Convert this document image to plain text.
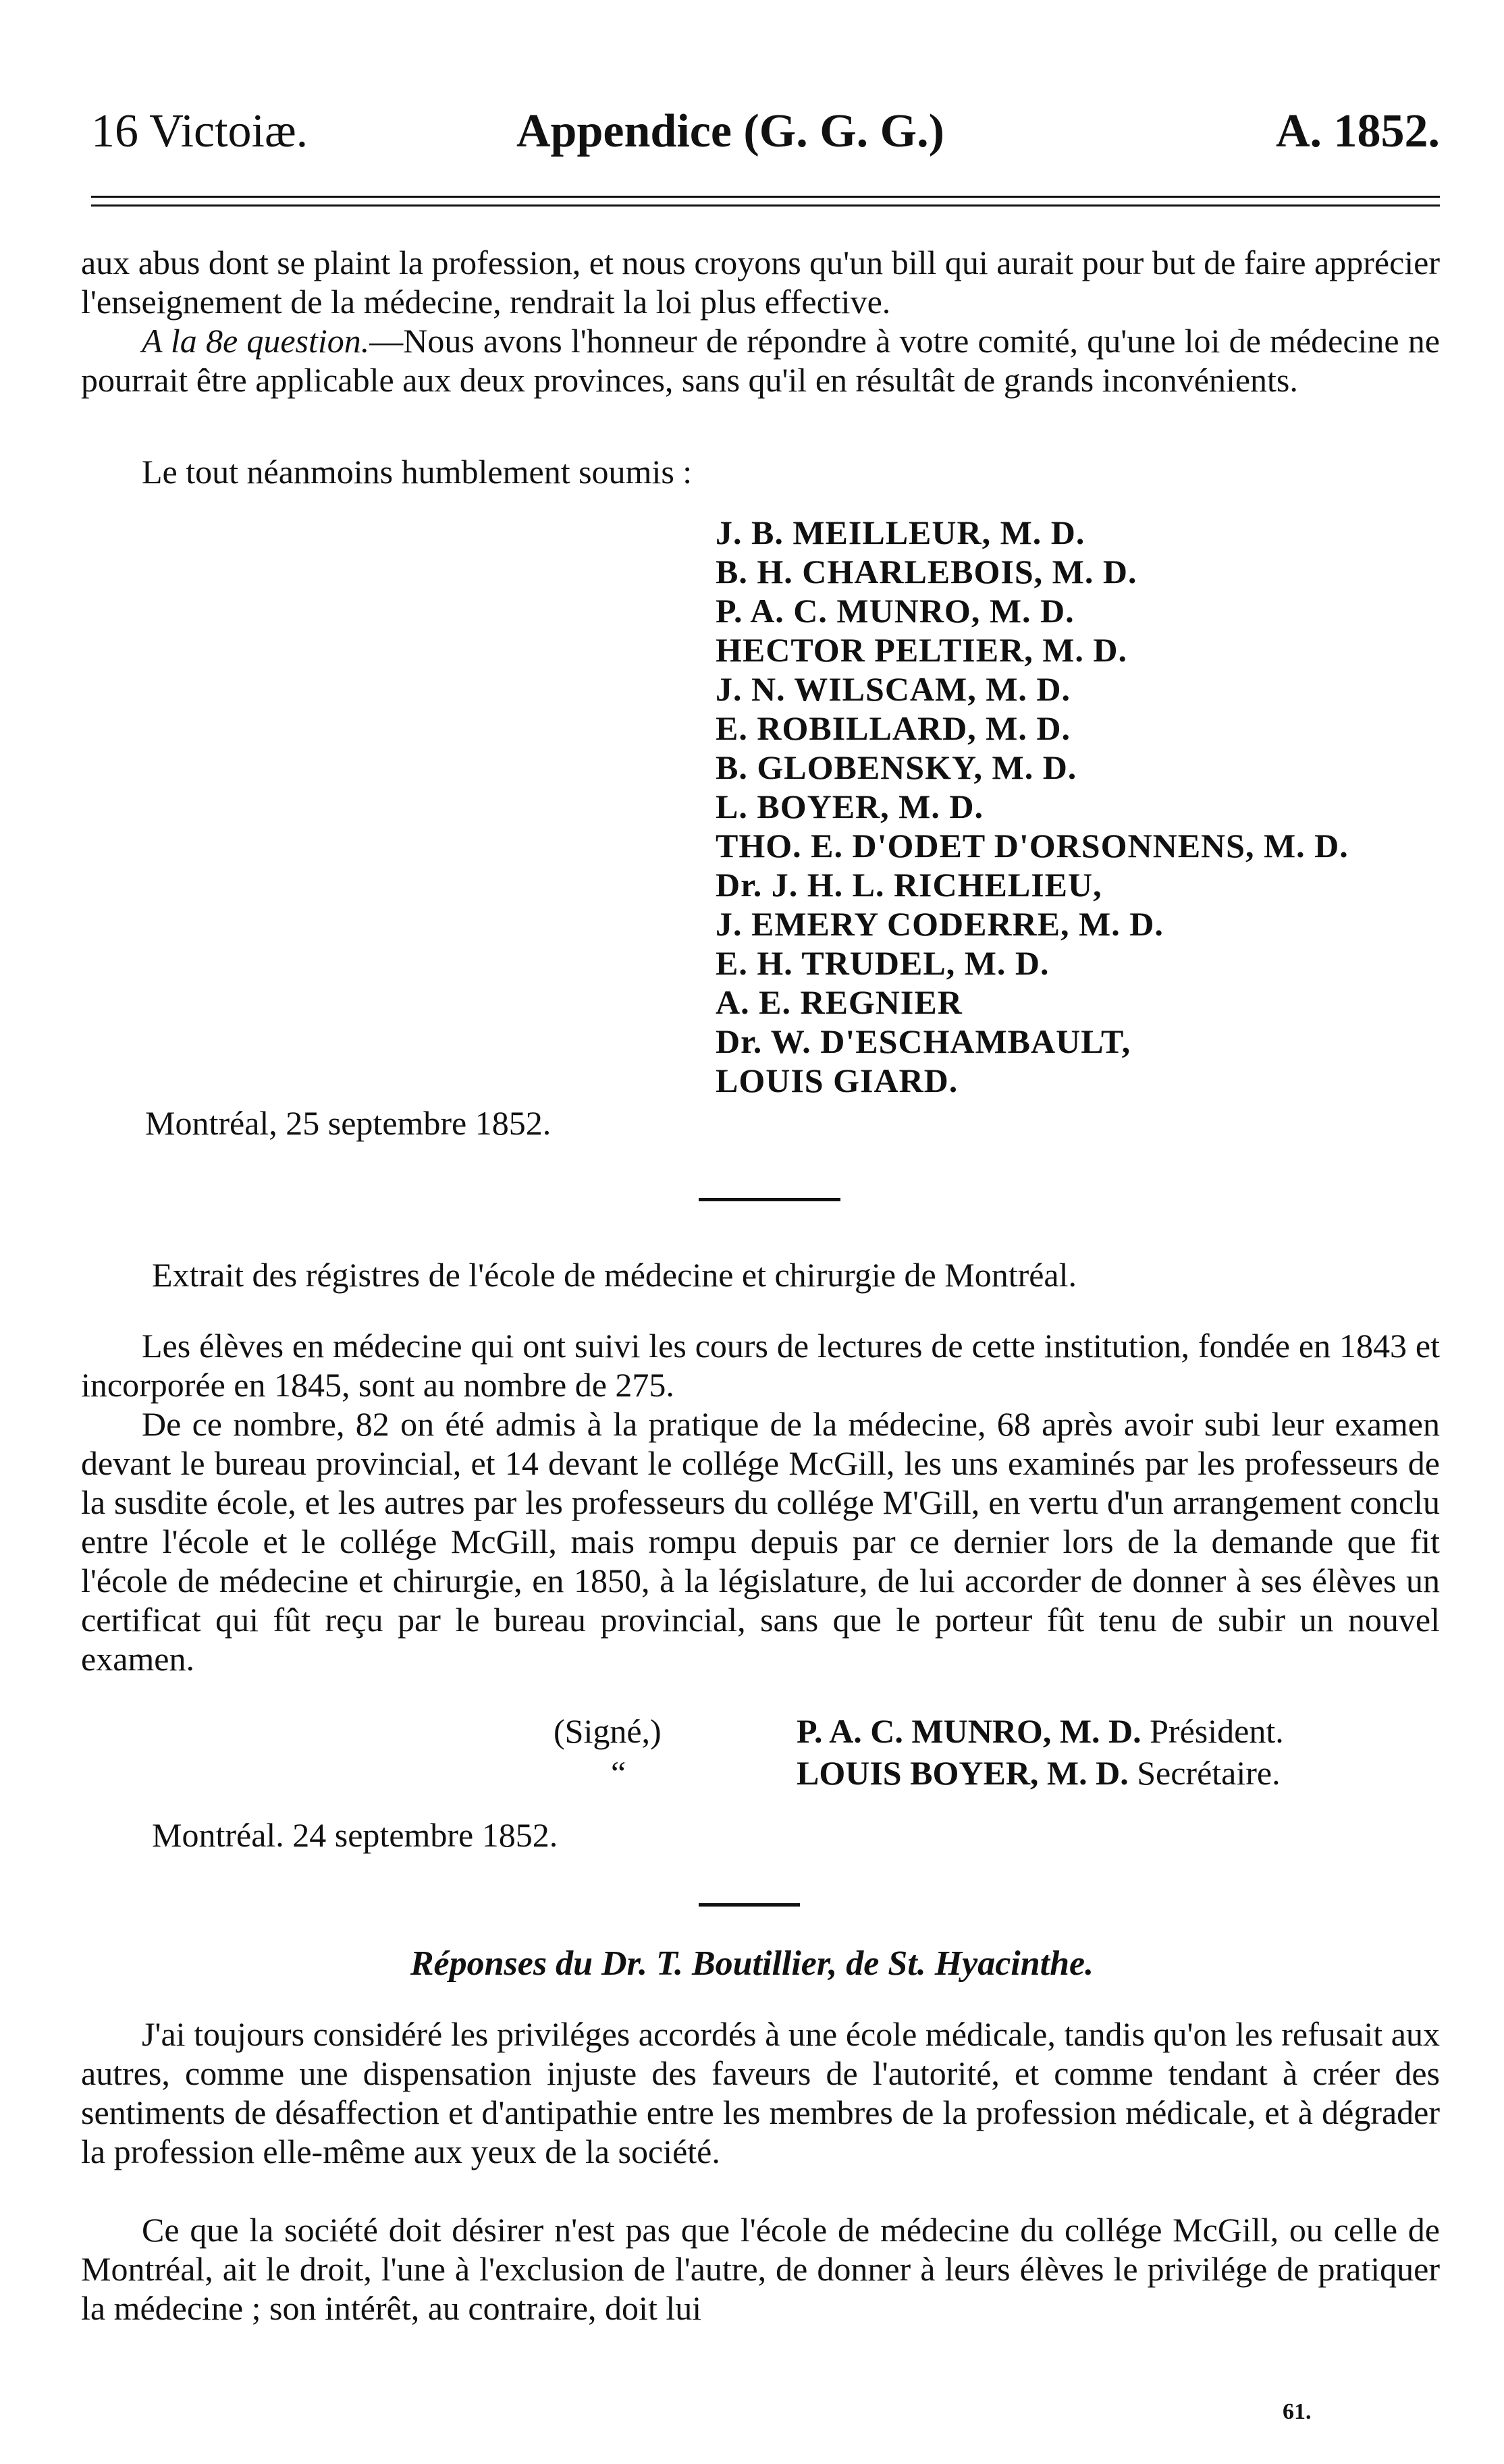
16 Victoiæ.	Appendice (G. G. G.)	A. 1852.

aux abus dont se plaint la profession, et nous croyons qu'un bill qui aurait pour but de faire apprécier l'enseignement de la médecine, rendrait la loi plus effective.

A la 8e question.—Nous avons l'honneur de répondre à votre comité, qu'une loi de médecine ne pourrait être applicable aux deux provinces, sans qu'il en résultât de grands inconvénients.

Le tout néanmoins humblement soumis :

J. B. MEILLEUR, M. D.
B. H. CHARLEBOIS, M. D.
P. A. C. MUNRO, M. D.
HECTOR PELTIER, M. D.
J. N. WILSCAM, M. D.
E. ROBILLARD, M. D.
B. GLOBENSKY, M. D.
L. BOYER, M. D.
THO. E. D'ODET D'ORSONNENS, M. D.
Dr. J. H. L. RICHELIEU,
J. EMERY CODERRE, M. D.
E. H. TRUDEL, M. D.
A. E. REGNIER
Dr. W. D'ESCHAMBAULT,
LOUIS GIARD.
Montréal, 25 septembre 1852.

Extrait des régistres de l'école de médecine et chirurgie de Montréal.

Les élèves en médecine qui ont suivi les cours de lectures de cette institution, fondée en 1843 et incorporée en 1845, sont au nombre de 275.

De ce nombre, 82 on été admis à la pratique de la médecine, 68 après avoir subi leur examen devant le bureau provincial, et 14 devant le collége McGill, les uns examinés par les professeurs de la susdite école, et les autres par les professeurs du collége M'Gill, en vertu d'un arrangement conclu entre l'école et le collége McGill, mais rompu depuis par ce dernier lors de la demande que fit l'école de médecine et chirurgie, en 1850, à la législature, de lui accorder de donner à ses élèves un certificat qui fût reçu par le bureau provincial, sans que le porteur fût tenu de subir un nouvel examen.

(Signé,)
“
P. A. C. MUNRO, M. D. Président.
LOUIS BOYER, M. D. Secrétaire.
Montréal. 24 septembre 1852.
Réponses du Dr. T. Boutillier, de St. Hyacinthe.

J'ai toujours considéré les priviléges accordés à une école médicale, tandis qu'on les refusait aux autres, comme une dispensation injuste des faveurs de l'autorité, et comme tendant à créer des sentiments de désaffection et d'antipathie entre les membres de la profession médicale, et à dégrader la profession elle-même aux yeux de la société.

Ce que la société doit désirer n'est pas que l'école de médecine du collége McGill, ou celle de Montréal, ait le droit, l'une à l'exclusion de l'autre, de donner à leurs élèves le privilége de pratiquer la médecine ; son intérêt, au contraire, doit lui

61.
